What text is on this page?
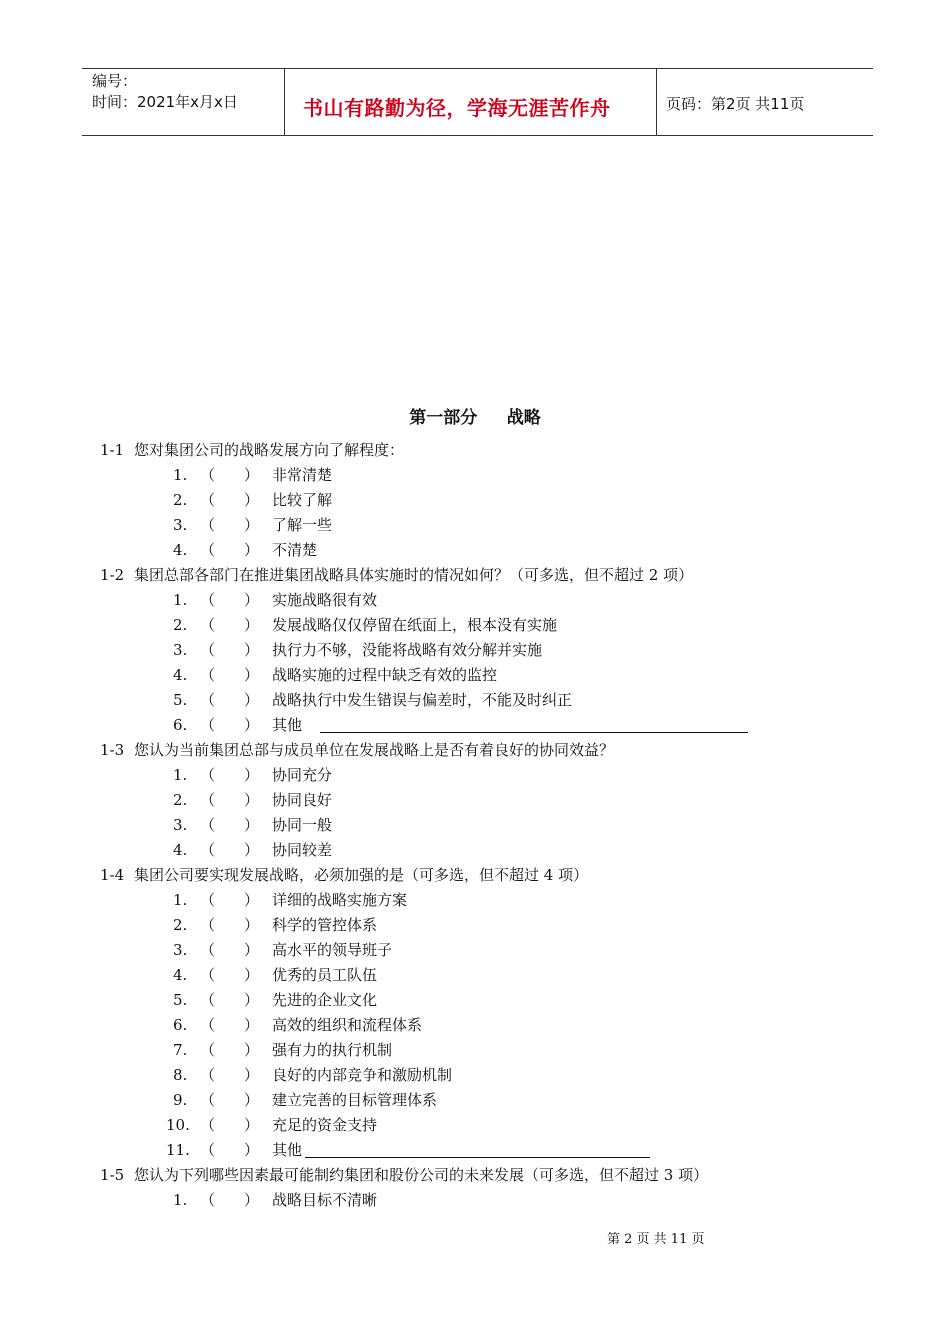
编号：
时间：2021年x月x日	书山有路勤为径，学海无涯苦作舟	页码：第2页 共11页
第一部分     战略
1-1 您对集团公司的战略发展方向了解程度：
1. （ ） 非常清楚
2. （ ） 比较了解
3. （ ） 了解一些
4. （ ） 不清楚
1-2 集团总部各部门在推进集团战略具体实施时的情况如何？（可多选，但不超过 2 项）
1. （ ） 实施战略很有效
2. （ ） 发展战略仅仅停留在纸面上，根本没有实施
3. （ ） 执行力不够，没能将战略有效分解并实施
4. （ ） 战略实施的过程中缺乏有效的监控
5. （ ） 战略执行中发生错误与偏差时，不能及时纠正
6. （ ） 其他
1-3 您认为当前集团总部与成员单位在发展战略上是否有着良好的协同效益？
1. （ ） 协同充分
2. （ ） 协同良好
3. （ ） 协同一般
4. （ ） 协同较差
1-4 集团公司要实现发展战略，必须加强的是（可多选，但不超过 4 项）
1. （ ） 详细的战略实施方案
2. （ ） 科学的管控体系
3. （ ） 高水平的领导班子
4. （ ） 优秀的员工队伍
5. （ ） 先进的企业文化
6. （ ） 高效的组织和流程体系
7. （ ） 强有力的执行机制
8. （ ） 良好的内部竞争和激励机制
9. （ ） 建立完善的目标管理体系
10. （ ） 充足的资金支持
11. （ ） 其他
1-5 您认为下列哪些因素最可能制约集团和股份公司的未来发展（可多选，但不超过 3 项）
1. （ ） 战略目标不清晰
第 2 页 共 11 页
